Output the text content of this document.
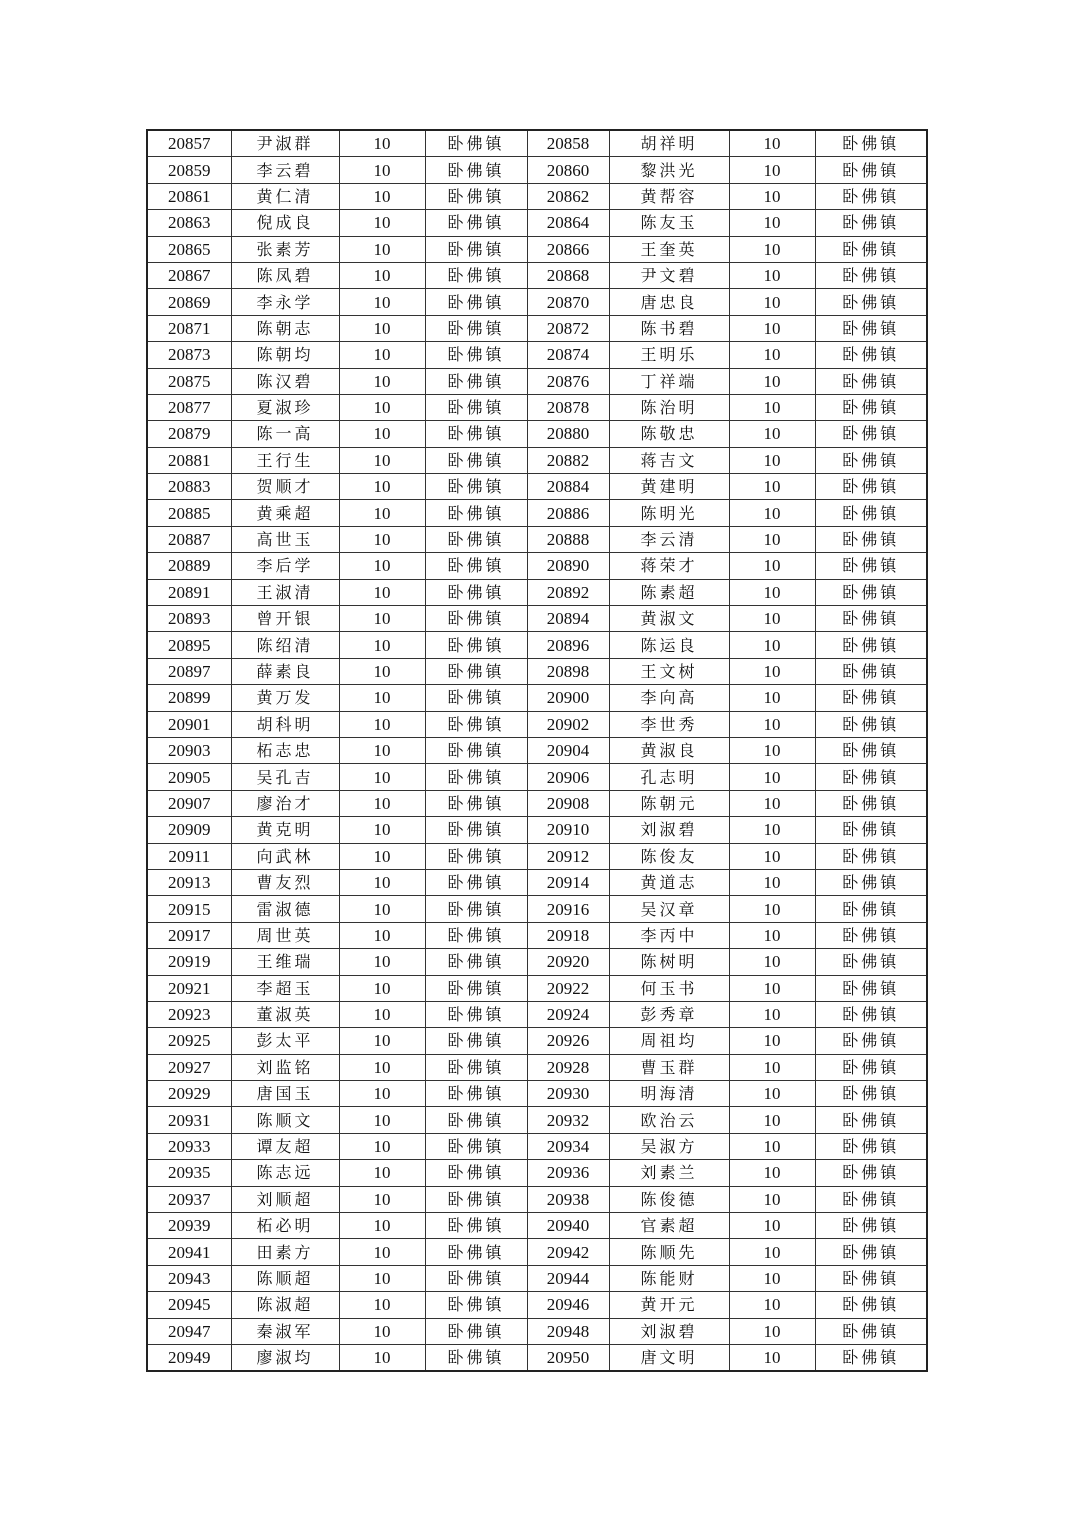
20857	尹淑群	10	卧佛镇	20858	胡祥明	10	卧佛镇
20859	李云碧	10	卧佛镇	20860	黎洪光	10	卧佛镇
20861	黄仁清	10	卧佛镇	20862	黄帮容	10	卧佛镇
20863	倪成良	10	卧佛镇	20864	陈友玉	10	卧佛镇
20865	张素芳	10	卧佛镇	20866	王奎英	10	卧佛镇
20867	陈凤碧	10	卧佛镇	20868	尹文碧	10	卧佛镇
20869	李永学	10	卧佛镇	20870	唐忠良	10	卧佛镇
20871	陈朝志	10	卧佛镇	20872	陈书碧	10	卧佛镇
20873	陈朝均	10	卧佛镇	20874	王明乐	10	卧佛镇
20875	陈汉碧	10	卧佛镇	20876	丁祥端	10	卧佛镇
20877	夏淑珍	10	卧佛镇	20878	陈治明	10	卧佛镇
20879	陈一高	10	卧佛镇	20880	陈敬忠	10	卧佛镇
20881	王行生	10	卧佛镇	20882	蒋吉文	10	卧佛镇
20883	贺顺才	10	卧佛镇	20884	黄建明	10	卧佛镇
20885	黄乘超	10	卧佛镇	20886	陈明光	10	卧佛镇
20887	高世玉	10	卧佛镇	20888	李云清	10	卧佛镇
20889	李后学	10	卧佛镇	20890	蒋荣才	10	卧佛镇
20891	王淑清	10	卧佛镇	20892	陈素超	10	卧佛镇
20893	曾开银	10	卧佛镇	20894	黄淑文	10	卧佛镇
20895	陈绍清	10	卧佛镇	20896	陈运良	10	卧佛镇
20897	薛素良	10	卧佛镇	20898	王文树	10	卧佛镇
20899	黄万发	10	卧佛镇	20900	李向高	10	卧佛镇
20901	胡科明	10	卧佛镇	20902	李世秀	10	卧佛镇
20903	柘志忠	10	卧佛镇	20904	黄淑良	10	卧佛镇
20905	吴孔吉	10	卧佛镇	20906	孔志明	10	卧佛镇
20907	廖治才	10	卧佛镇	20908	陈朝元	10	卧佛镇
20909	黄克明	10	卧佛镇	20910	刘淑碧	10	卧佛镇
20911	向武林	10	卧佛镇	20912	陈俊友	10	卧佛镇
20913	曹友烈	10	卧佛镇	20914	黄道志	10	卧佛镇
20915	雷淑德	10	卧佛镇	20916	吴汉章	10	卧佛镇
20917	周世英	10	卧佛镇	20918	李丙中	10	卧佛镇
20919	王维瑞	10	卧佛镇	20920	陈树明	10	卧佛镇
20921	李超玉	10	卧佛镇	20922	何玉书	10	卧佛镇
20923	董淑英	10	卧佛镇	20924	彭秀章	10	卧佛镇
20925	彭太平	10	卧佛镇	20926	周祖均	10	卧佛镇
20927	刘监铭	10	卧佛镇	20928	曹玉群	10	卧佛镇
20929	唐国玉	10	卧佛镇	20930	明海清	10	卧佛镇
20931	陈顺文	10	卧佛镇	20932	欧治云	10	卧佛镇
20933	谭友超	10	卧佛镇	20934	吴淑方	10	卧佛镇
20935	陈志远	10	卧佛镇	20936	刘素兰	10	卧佛镇
20937	刘顺超	10	卧佛镇	20938	陈俊德	10	卧佛镇
20939	柘必明	10	卧佛镇	20940	官素超	10	卧佛镇
20941	田素方	10	卧佛镇	20942	陈顺先	10	卧佛镇
20943	陈顺超	10	卧佛镇	20944	陈能财	10	卧佛镇
20945	陈淑超	10	卧佛镇	20946	黄开元	10	卧佛镇
20947	秦淑军	10	卧佛镇	20948	刘淑碧	10	卧佛镇
20949	廖淑均	10	卧佛镇	20950	唐文明	10	卧佛镇
